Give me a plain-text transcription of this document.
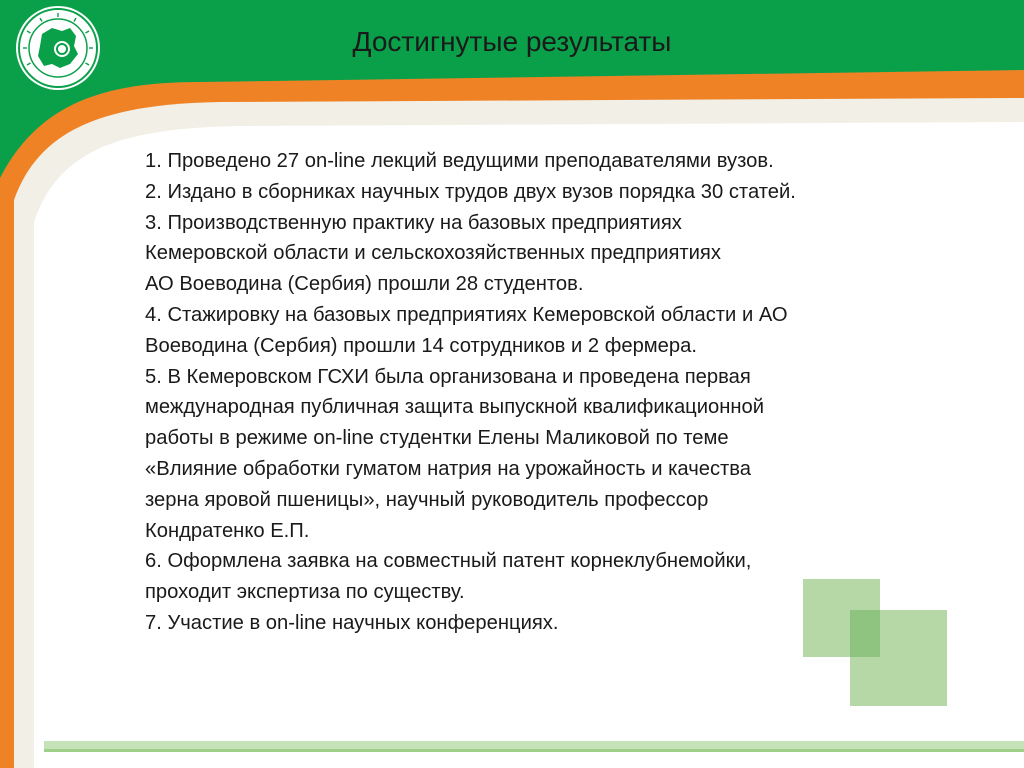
Достигнутые результаты
1. Проведено 27 on-line лекций ведущими преподавателями вузов.
2. Издано в сборниках научных трудов двух вузов порядка 30 статей.
3. Производственную практику на базовых предприятиях
Кемеровской области и сельскохозяйственных предприятиях
АО Воеводина (Сербия) прошли 28 студентов.
4. Стажировку на базовых предприятиях Кемеровской области и АО
Воеводина (Сербия) прошли 14 сотрудников и 2 фермера.
5. В Кемеровском ГСХИ была организована и проведена первая
международная публичная защита выпускной квалификационной
работы в режиме on-line студентки Елены Маликовой по теме
«Влияние обработки гуматом натрия на урожайность и качества
зерна яровой пшеницы», научный руководитель профессор
Кондратенко Е.П.
6. Оформлена заявка на совместный патент корнеклубнемойки,
проходит экспертиза по существу.
7. Участие в on-line научных конференциях.
